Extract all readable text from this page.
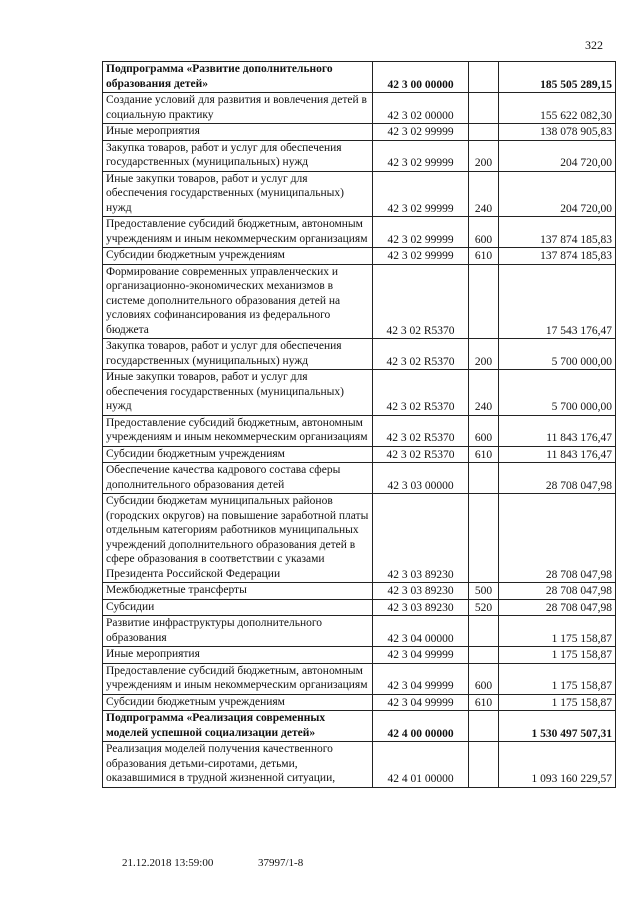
322
Подпрограмма «Развитие дополнительного образования детей»	42 3 00 00000		185 505 289,15
Создание условий для развития и вовлечения детей в социальную практику	42 3 02 00000		155 622 082,30
Иные мероприятия	42 3 02 99999		138 078 905,83
Закупка товаров, работ и услуг для обеспечения государственных (муниципальных) нужд	42 3 02 99999	200	204 720,00
Иные закупки товаров, работ и услуг для обеспечения государственных (муниципальных) нужд	42 3 02 99999	240	204 720,00
Предоставление субсидий бюджетным, автономным учреждениям и иным некоммерческим организациям	42 3 02 99999	600	137 874 185,83
Субсидии бюджетным учреждениям	42 3 02 99999	610	137 874 185,83
Формирование современных управленческих и организационно-экономических механизмов в системе дополнительного образования детей на условиях софинансирования из федерального бюджета	42 3 02 R5370		17 543 176,47
Закупка товаров, работ и услуг для обеспечения государственных (муниципальных) нужд	42 3 02 R5370	200	5 700 000,00
Иные закупки товаров, работ и услуг для обеспечения государственных (муниципальных) нужд	42 3 02 R5370	240	5 700 000,00
Предоставление субсидий бюджетным, автономным учреждениям и иным некоммерческим организациям	42 3 02 R5370	600	11 843 176,47
Субсидии бюджетным учреждениям	42 3 02 R5370	610	11 843 176,47
Обеспечение качества кадрового состава сферы дополнительного образования детей	42 3 03 00000		28 708 047,98
Субсидии бюджетам муниципальных районов (городских округов) на повышение заработной платы отдельным категориям работников муниципальных учреждений дополнительного образования детей в сфере образования в соответствии с указами Президента Российской Федерации	42 3 03 89230		28 708 047,98
Межбюджетные трансферты	42 3 03 89230	500	28 708 047,98
Субсидии	42 3 03 89230	520	28 708 047,98
Развитие инфраструктуры дополнительного образования	42 3 04 00000		1 175 158,87
Иные мероприятия	42 3 04 99999		1 175 158,87
Предоставление субсидий бюджетным, автономным учреждениям и иным некоммерческим организациям	42 3 04 99999	600	1 175 158,87
Субсидии бюджетным учреждениям	42 3 04 99999	610	1 175 158,87
Подпрограмма «Реализация современных моделей успешной социализации детей»	42 4 00 00000		1 530 497 507,31
Реализация моделей получения качественного образования детьми-сиротами, детьми, оказавшимися в трудной жизненной ситуации,	42 4 01 00000		1 093 160 229,57
21.12.2018 13:59:00	37997/1-8
